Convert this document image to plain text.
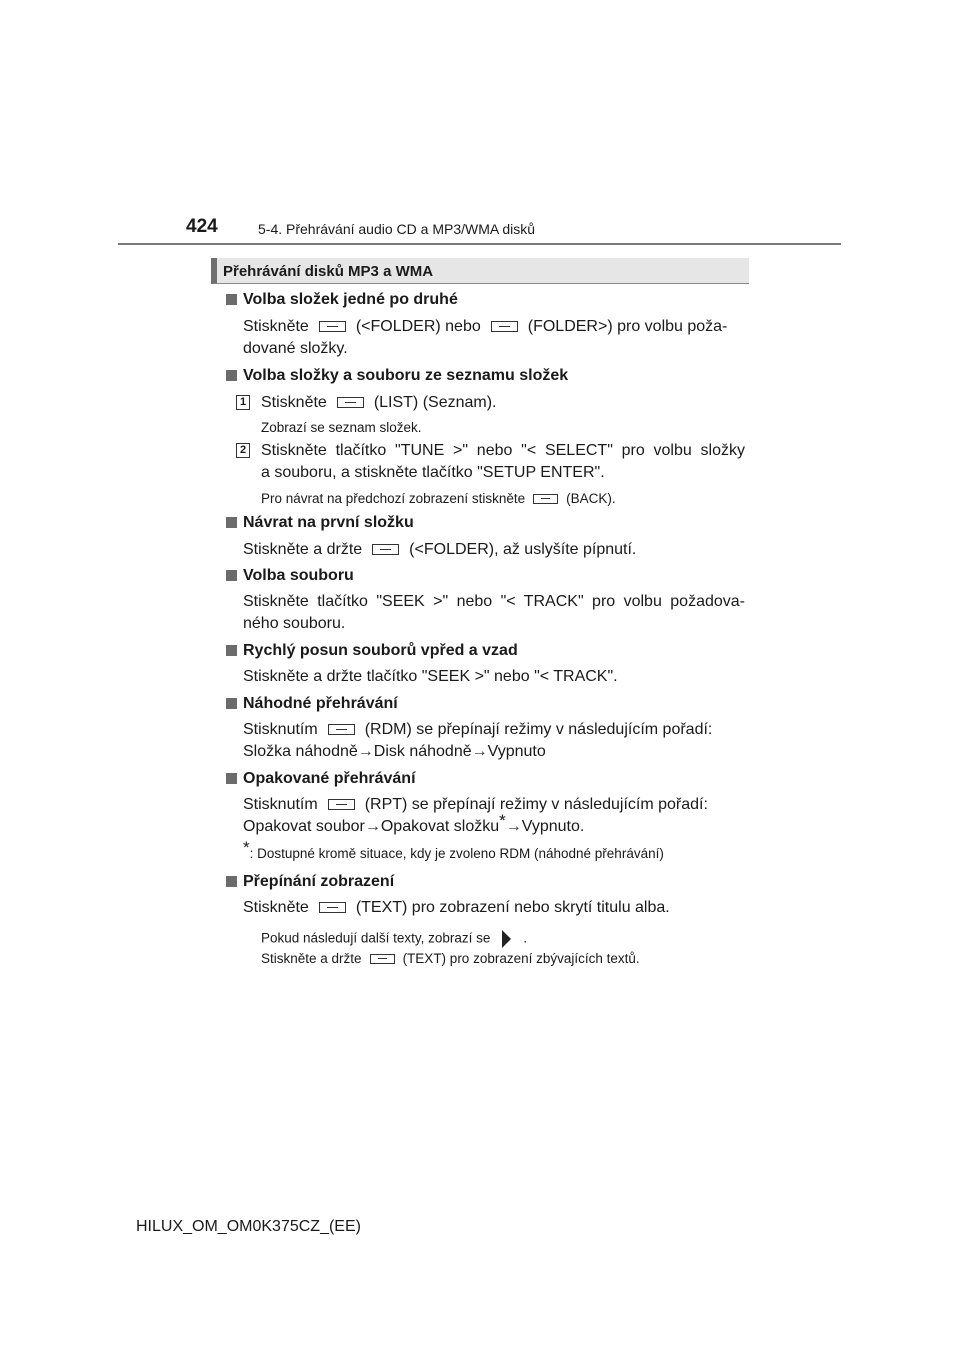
424	5-4. Přehrávání audio CD a MP3/WMA disků
Přehrávání disků MP3 a WMA
Volba složek jedné po druhé
Stiskněte	(<FOLDER) nebo	(FOLDER>) pro volbu poža-
dované složky.
Volba složky a souboru ze seznamu složek
1 Stiskněte	(LIST) (Seznam).
Zobrazí se seznam složek.
2 Stiskněte tlačítko "TUNE >" nebo "< SELECT" pro volbu složky
a souboru, a stiskněte tlačítko "SETUP ENTER".
Pro návrat na předchozí zobrazení stiskněte	(BACK).
Návrat na první složku
Stiskněte a držte	(<FOLDER), až uslyšíte pípnutí.
Volba souboru
Stiskněte tlačítko "SEEK >" nebo "< TRACK" pro volbu požadova-
ného souboru.
Rychlý posun souborů vpřed a vzad
Stiskněte a držte tlačítko "SEEK >" nebo "< TRACK".
Náhodné přehrávání
Stisknutím	(RDM) se přepínají režimy v následujícím pořadí:
Složka náhodně→Disk náhodně→Vypnuto
Opakované přehrávání
Stisknutím	(RPT) se přepínají režimy v následujícím pořadí:
Opakovat soubor→Opakovat složku*→Vypnuto.
*: Dostupné kromě situace, kdy je zvoleno RDM (náhodné přehrávání)
Přepínání zobrazení
Stiskněte	(TEXT) pro zobrazení nebo skrytí titulu alba.
Pokud následují další texty, zobrazí se .
Stiskněte a držte	(TEXT) pro zobrazení zbývajících textů.
HILUX_OM_OM0K375CZ_(EE)
